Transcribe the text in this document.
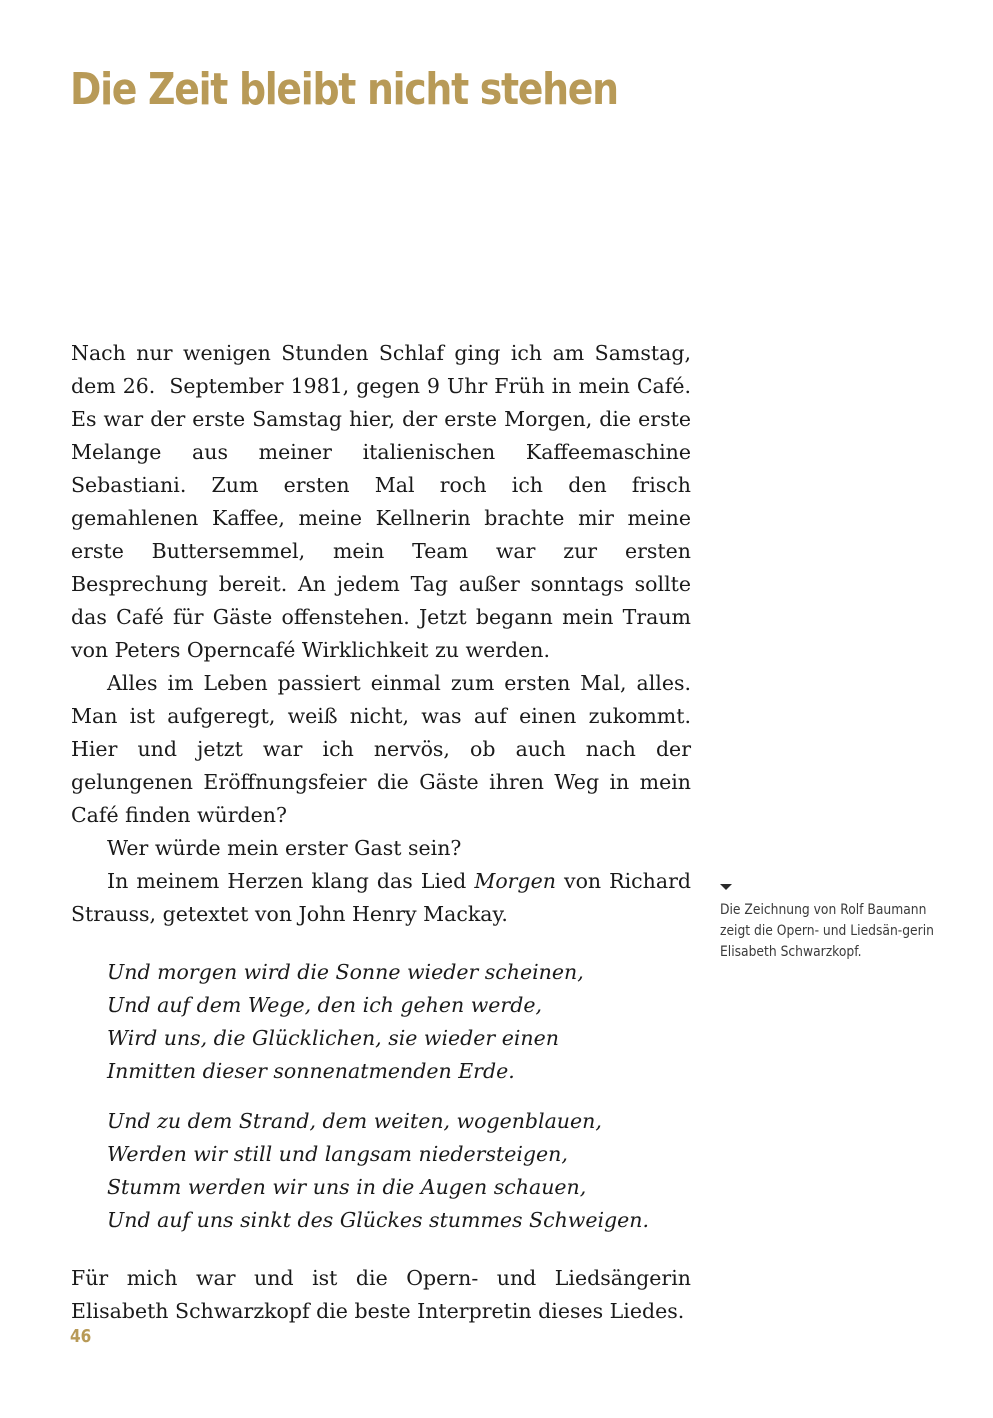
Die Zeit bleibt nicht stehen

Nach nur wenigen Stunden Schlaf ging ich am Samstag, dem 26.  September 1981, gegen 9 Uhr Früh in mein Café. Es war der erste Samstag hier, der erste Morgen, die erste Melange aus meiner italienischen Kaffeemaschine Sebastiani. Zum ersten Mal roch ich den frisch gemahlenen Kaffee, meine Kellnerin brachte mir meine erste Buttersemmel, mein Team war zur ersten Besprechung bereit. An jedem Tag außer sonntags sollte das Café für Gäste offenstehen. Jetzt begann mein Traum von Peters Operncafé Wirklichkeit zu werden.

Alles im Leben passiert einmal zum ersten Mal, alles. Man ist aufgeregt, weiß nicht, was auf einen zukommt. Hier und jetzt war ich nervös, ob auch nach der gelungenen Eröffnungsfeier die Gäste ihren Weg in mein Café finden würden?

Wer würde mein erster Gast sein?

In meinem Herzen klang das Lied Morgen von Richard Strauss, getextet von John Henry Mackay.

Und morgen wird die Sonne wieder scheinen,
Und auf dem Wege, den ich gehen werde,
Wird uns, die Glücklichen, sie wieder einen
Inmitten dieser sonnenatmenden Erde.
Und zu dem Strand, dem weiten, wogenblauen,
Werden wir still und langsam niedersteigen,
Stumm werden wir uns in die Augen schauen,
Und auf uns sinkt des Glückes stummes Schweigen.

Für mich war und ist die Opern- und Liedsängerin Elisabeth Schwarzkopf die beste Interpretin dieses Liedes.

Die Zeichnung von Rolf Baumann zeigt die Opern- und Liedsän-gerin Elisabeth Schwarzkopf.
46
